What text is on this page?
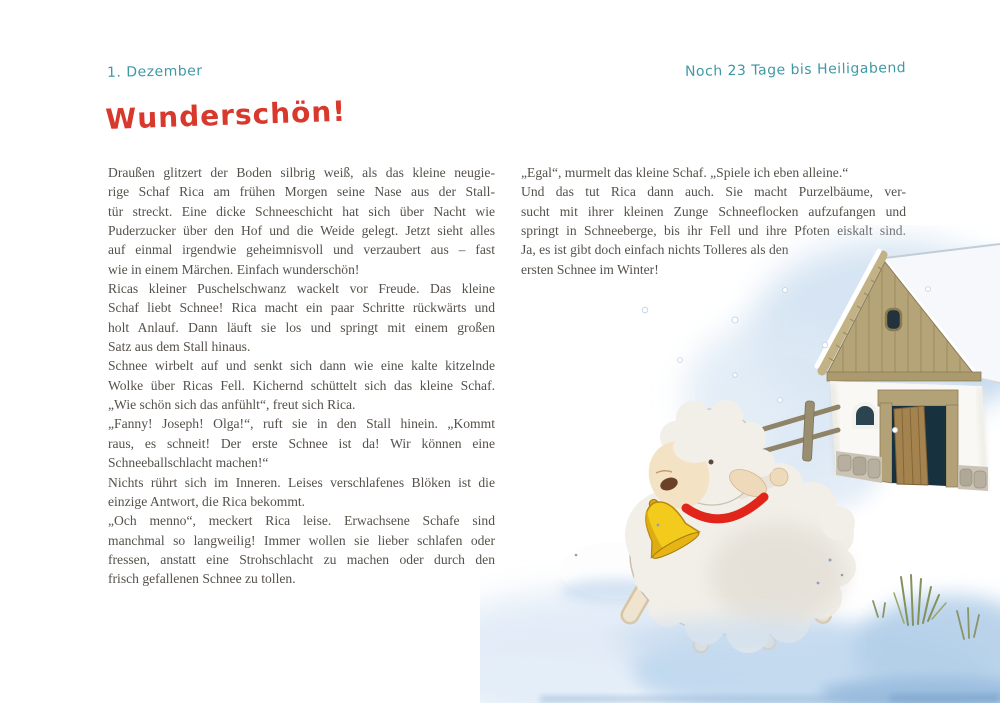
1. Dezember	Noch 23 Tage bis Heiligabend
Wunderschön!
Draußen glitzert der Boden silbrig weiß, als das kleine neugie-
rige Schaf Rica am frühen Morgen seine Nase aus der Stall-
tür streckt. Eine dicke Schneeschicht hat sich über Nacht wie
Puderzucker über den Hof und die Weide gelegt. Jetzt sieht alles
auf einmal irgendwie geheimnisvoll und verzaubert aus – fast
wie in einem Märchen. Einfach wunderschön!
Ricas kleiner Puschelschwanz wackelt vor Freude. Das kleine
Schaf liebt Schnee! Rica macht ein paar Schritte rückwärts und
holt Anlauf. Dann läuft sie los und springt mit einem großen
Satz aus dem Stall hinaus.
Schnee wirbelt auf und senkt sich dann wie eine kalte kitzelnde
Wolke über Ricas Fell. Kichernd schüttelt sich das kleine Schaf.
„Wie schön sich das anfühlt“, freut sich Rica.
„Fanny! Joseph! Olga!“, ruft sie in den Stall hinein. „Kommt
raus, es schneit! Der erste Schnee ist da! Wir können eine
Schneeballschlacht machen!“
Nichts rührt sich im Inneren. Leises verschlafenes Blöken ist die
einzige Antwort, die Rica bekommt.
„Och menno“, meckert Rica leise. Erwachsene Schafe sind
manchmal so langweilig! Immer wollen sie lieber schlafen oder
fressen, anstatt eine Strohschlacht zu machen oder durch den
frisch gefallenen Schnee zu tollen.
„Egal“, murmelt das kleine Schaf. „Spiele ich eben alleine.“
Und das tut Rica dann auch. Sie macht Purzelbäume, ver-
sucht mit ihrer kleinen Zunge Schneeflocken aufzufangen und
springt in Schneeberge, bis ihr Fell und ihre Pfoten eiskalt sind.
Ja, es ist gibt doch einfach nichts Tolleres als den
ersten Schnee im Winter!
